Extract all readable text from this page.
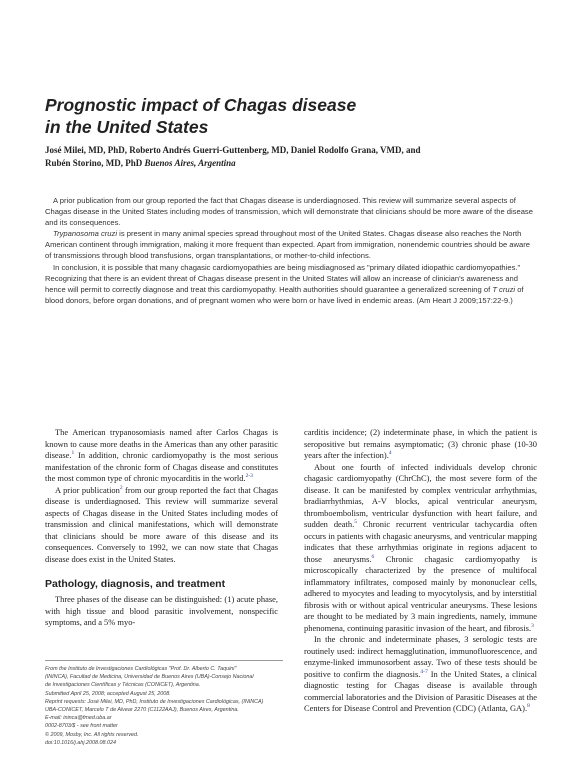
Prognostic impact of Chagas disease
in the United States
José Milei, MD, PhD, Roberto Andrés Guerri-Guttenberg, MD, Daniel Rodolfo Grana, VMD, and
Rubén Storino, MD, PhD Buenos Aires, Argentina

A prior publication from our group reported the fact that Chagas disease is underdiagnosed. This review will summarize several aspects of Chagas disease in the United States including modes of transmission, which will demonstrate that clinicians should be more aware of the disease and its consequences.

Trypanosoma cruzi is present in many animal species spread throughout most of the United States. Chagas disease also reaches the North American continent through immigration, making it more frequent than expected. Apart from immigration, nonendemic countries should be aware of transmissions through blood transfusions, organ transplantations, or mother-to-child infections.

In conclusion, it is possible that many chagasic cardiomyopathies are being misdiagnosed as "primary dilated idiopathic cardiomyopathies." Recognizing that there is an evident threat of Chagas disease present in the United States will allow an increase of clinician's awareness and hence will permit to correctly diagnose and treat this cardiomyopathy. Health authorities should guarantee a generalized screening of T cruzi of blood donors, before organ donations, and of pregnant women who were born or have lived in endemic areas. (Am Heart J 2009;157:22-9.)

The American trypanosomiasis named after Carlos Chagas is known to cause more deaths in the Americas than any other parasitic disease.$^1$ In addition, chronic cardiomyopathy is the most serious manifestation of the chronic form of Chagas disease and constitutes the most common type of chronic myocarditis in the world.$^{2-3}$

A prior publication$^2$ from our group reported the fact that Chagas disease is underdiagnosed. This review will summarize several aspects of Chagas disease in the United States including modes of transmission and clinical manifestations, which will demonstrate that clinicians should be more aware of this disease and its consequences. Conversely to 1992, we can now state that Chagas disease does exist in the United States.

Pathology, diagnosis, and treatment

Three phases of the disease can be distinguished: (1) acute phase, with high tissue and blood parasitic involvement, nonspecific symptoms, and a 5% myo-

carditis incidence; (2) indeterminate phase, in which the patient is seropositive but remains asymptomatic; (3) chronic phase (10-30 years after the infection).$^4$

About one fourth of infected individuals develop chronic chagasic cardiomyopathy (ChrChC), the most severe form of the disease. It can be manifested by complex ventricular arrhythmias, bradiarrhythmias, A-V blocks, apical ventricular aneurysm, thromboembolism, ventricular dysfunction with heart failure, and sudden death.$^5$ Chronic recurrent ventricular tachycardia often occurs in patients with chagasic aneurysms, and ventricular mapping indicates that these arrhythmias originate in regions adjacent to those aneurysms.$^6$ Chronic chagasic cardiomyopathy is microscopically characterized by the presence of multifocal inflammatory infiltrates, composed mainly by mononuclear cells, adhered to myocytes and leading to myocytolysis, and by interstitial fibrosis with or without apical ventricular aneurysms. These lesions are thought to be mediated by 3 main ingredients, namely, immune phenomena, continuing parasitic invasion of the heart, and fibrosis.$^3$

In the chronic and indeterminate phases, 3 serologic tests are routinely used: indirect hemagglutination, immunofluorescence, and enzyme-linked immunosorbent assay. Two of these tests should be positive to confirm the diagnosis.$^{4-7}$ In the United States, a clinical diagnostic testing for Chagas disease is available through commercial laboratories and the Division of Parasitic Diseases at the Centers for Disease Control and Prevention (CDC) (Atlanta, GA).$^8$

From the Instituto de Investigaciones Cardiológicas "Prof. Dr. Alberto C. Taquini"
(ININCA), Facultad de Medicina, Universidad de Buenos Aires (UBA)-Consejo Nacional
de Investigaciones Científicas y Técnicas (CONICET), Argentina.
Submitted April 25, 2008; accepted August 25, 2008.
Reprint requests: José Milei, MD, PhD, Instituto de Investigaciones Cardiológicas, (ININCA)
UBA-CONICET, Marcelo T de Alvear 2270 (C1122AAJ), Buenos Aires, Argentina.
E-mail: ininca@fmed.uba.ar
0002-8703/$ - see front matter
© 2009, Mosby, Inc. All rights reserved.
doi:10.1016/j.ahj.2008.08.024
